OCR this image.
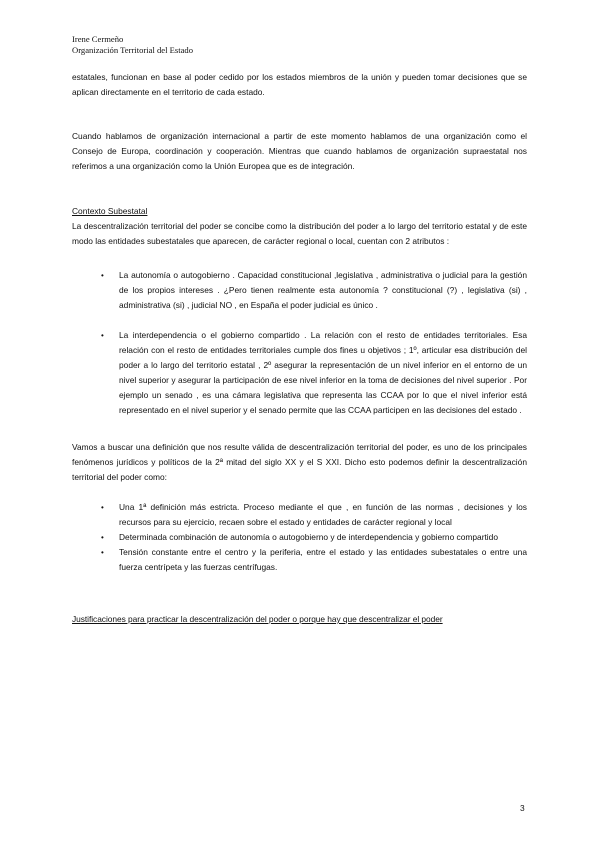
Irene Cermeño
Organización Territorial del Estado

estatales, funcionan en base al poder cedido por los estados miembros de la unión y pueden tomar decisiones que se aplican directamente en el territorio de cada estado.

Cuando hablamos de organización internacional a partir de este momento hablamos de una organización como el Consejo de Europa, coordinación y cooperación. Mientras que cuando hablamos de organización supraestatal nos referimos a una organización como la Unión Europea que es de integración.

Contexto Subestatal

La descentralización territorial del poder se concibe como la distribución del poder a lo largo del territorio estatal y de este modo las entidades subestatales que aparecen, de carácter regional o local, cuentan con 2 atributos :

• La autonomía o autogobierno . Capacidad constitucional ,legislativa , administrativa o judicial para la gestión de los propios intereses . ¿Pero tienen realmente esta autonomía ? constitucional (?) , legislativa (si) , administrativa (si) , judicial NO , en España el poder judicial es único .
• La interdependencia o el gobierno compartido . La relación con el resto de entidades territoriales. Esa relación con el resto de entidades territoriales cumple dos fines u objetivos ; 1º, articular esa distribución del poder a lo largo del territorio estatal , 2º asegurar la representación de un nivel inferior en el entorno de un nivel superior y asegurar la participación de ese nivel inferior en la toma de decisiones del nivel superior . Por ejemplo un senado , es una cámara legislativa que representa las CCAA por lo que el nivel inferior está representado en el nivel superior y el senado permite que las CCAA participen en las decisiones del estado .

Vamos a buscar una definición que nos resulte válida de descentralización territorial del poder, es uno de los principales fenómenos jurídicos y políticos de la 2ª mitad del siglo XX y el S XXI. Dicho esto podemos definir la descentralización territorial del poder como:

• Una 1ª definición más estricta. Proceso mediante el que , en función de las normas , decisiones y los recursos para su ejercicio, recaen sobre el estado y entidades de carácter regional y local
• Determinada combinación de autonomía o autogobierno y de interdependencia y gobierno compartido
• Tensión constante entre el centro y la periferia, entre el estado y las entidades subestatales o entre una fuerza centrípeta y las fuerzas centrífugas.
Justificaciones para practicar la descentralización del poder o porque hay que descentralizar el poder
3
